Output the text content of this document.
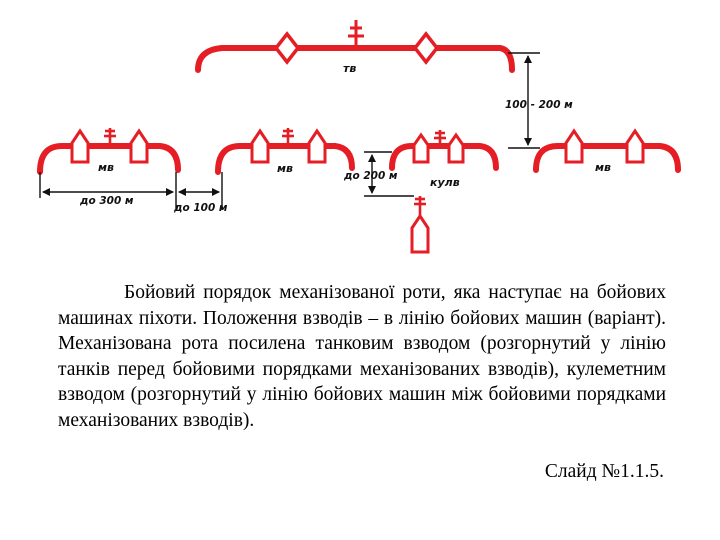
тв
100 - 200 м
мв	мв
кулв
мв
до 200 м
до 300 м
до 100 м

Бойовий порядок механізованої роти, яка наступає на бойових машинах піхоти. Положення взводів – в лінію бойових машин (варіант). Механізована рота посилена танковим взводом (розгорнутий у лінію танків перед бойовими порядками механізованих взводів), кулеметним взводом (розгорнутий у лінію бойових машин між бойовими порядками механізованих взводів).

Слайд №1.1.5.
